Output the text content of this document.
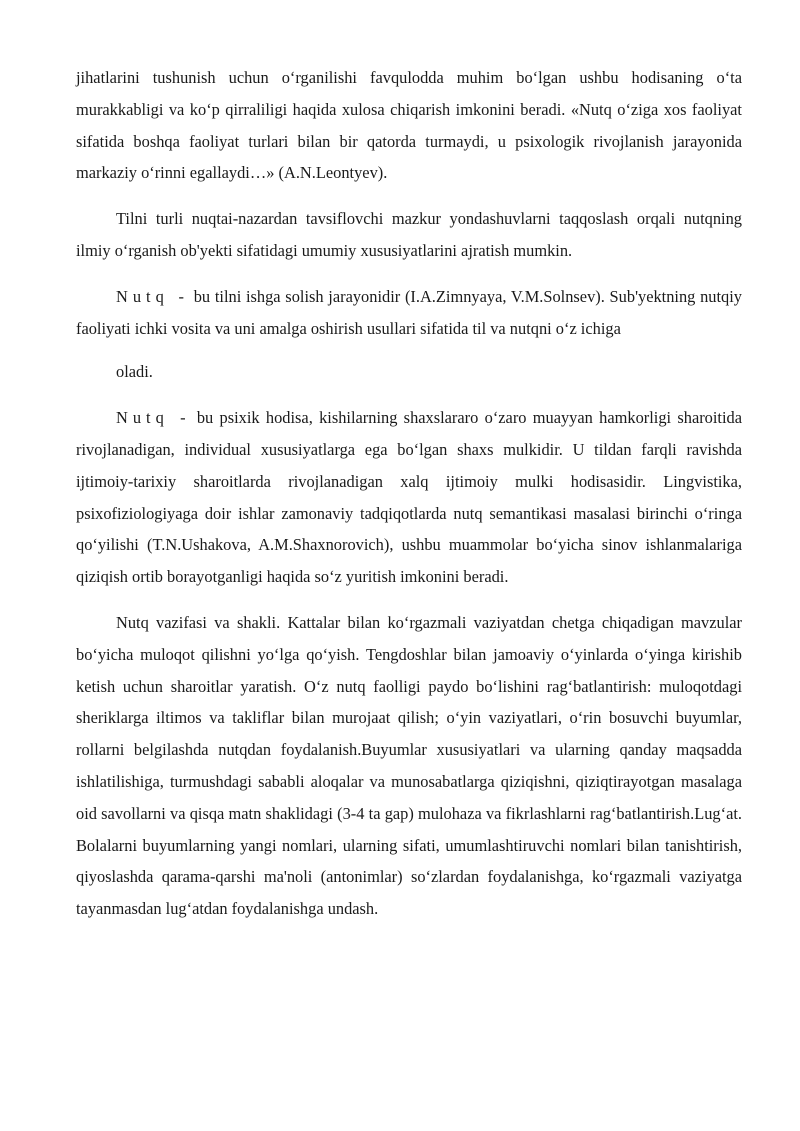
jihatlarini tushunish uchun o‘rganilishi favqulodda muhim bo‘lgan ushbu hodisaning o‘ta murakkabligi va ko‘p qirraliligi haqida xulosa chiqarish imkonini beradi. «Nutq o‘ziga xos faoliyat sifatida boshqa faoliyat turlari bilan bir qatorda turmaydi, u psixologik rivojlanish jarayonida markaziy o‘rinni egallaydi…» (A.N.Leontyev).

Tilni turli nuqtai-nazardan tavsiflovchi mazkur yondashuvlarni taqqoslash orqali nutqning ilmiy o‘rganish ob'yekti sifatidagi umumiy xususiyatlarini ajratish mumkin.

Nutq - bu tilni ishga solish jarayonidir (I.A.Zimnyaya, V.M.Solnsev). Sub'yektning nutqiy faoliyati ichki vosita va uni amalga oshirish usullari sifatida til va nutqni o‘z ichiga

oladi.

Nutq - bu psixik hodisa, kishilarning shaxslararo o‘zaro muayyan hamkorligi sharoitida rivojlanadigan, individual xususiyatlarga ega bo‘lgan shaxs mulkidir. U tildan farqli ravishda ijtimoiy-tarixiy sharoitlarda rivojlanadigan xalq ijtimoiy mulki hodisasidir. Lingvistika, psixofiziologiyaga doir ishlar zamonaviy tadqiqotlarda nutq semantikasi masalasi birinchi o‘ringa qo‘yilishi (T.N.Ushakova, A.M.Shaxnorovich), ushbu muammolar bo‘yicha sinov ishlanmalariga qiziqish ortib borayotganligi haqida so‘z yuritish imkonini beradi.

Nutq vazifasi va shakli. Kattalar bilan ko‘rgazmali vaziyatdan chetga chiqadigan mavzular bo‘yicha muloqot qilishni yo‘lga qo‘yish. Tengdoshlar bilan jamoaviy o‘yinlarda o‘yinga kirishib ketish uchun sharoitlar yaratish. O‘z nutq faolligi paydo bo‘lishini rag‘batlantirish: muloqotdagi sheriklarga iltimos va takliflar bilan murojaat qilish; o‘yin vaziyatlari, o‘rin bosuvchi buyumlar, rollarni belgilashda nutqdan foydalanish.Buyumlar xususiyatlari va ularning qanday maqsadda ishlatilishiga, turmushdagi sababli aloqalar va munosabatlarga qiziqishni, qiziqtirayotgan masalaga oid savollarni va qisqa matn shaklidagi (3-4 ta gap) mulohaza va fikrlashlarni rag‘batlantirish.Lug‘at. Bolalarni buyumlarning yangi nomlari, ularning sifati, umumlashtiruvchi nomlari bilan tanishtirish, qiyoslashda qarama-qarshi ma'noli (antonimlar) so‘zlardan foydalanishga, ko‘rgazmali vaziyatga tayanmasdan lug‘atdan foydalanishga undash.
